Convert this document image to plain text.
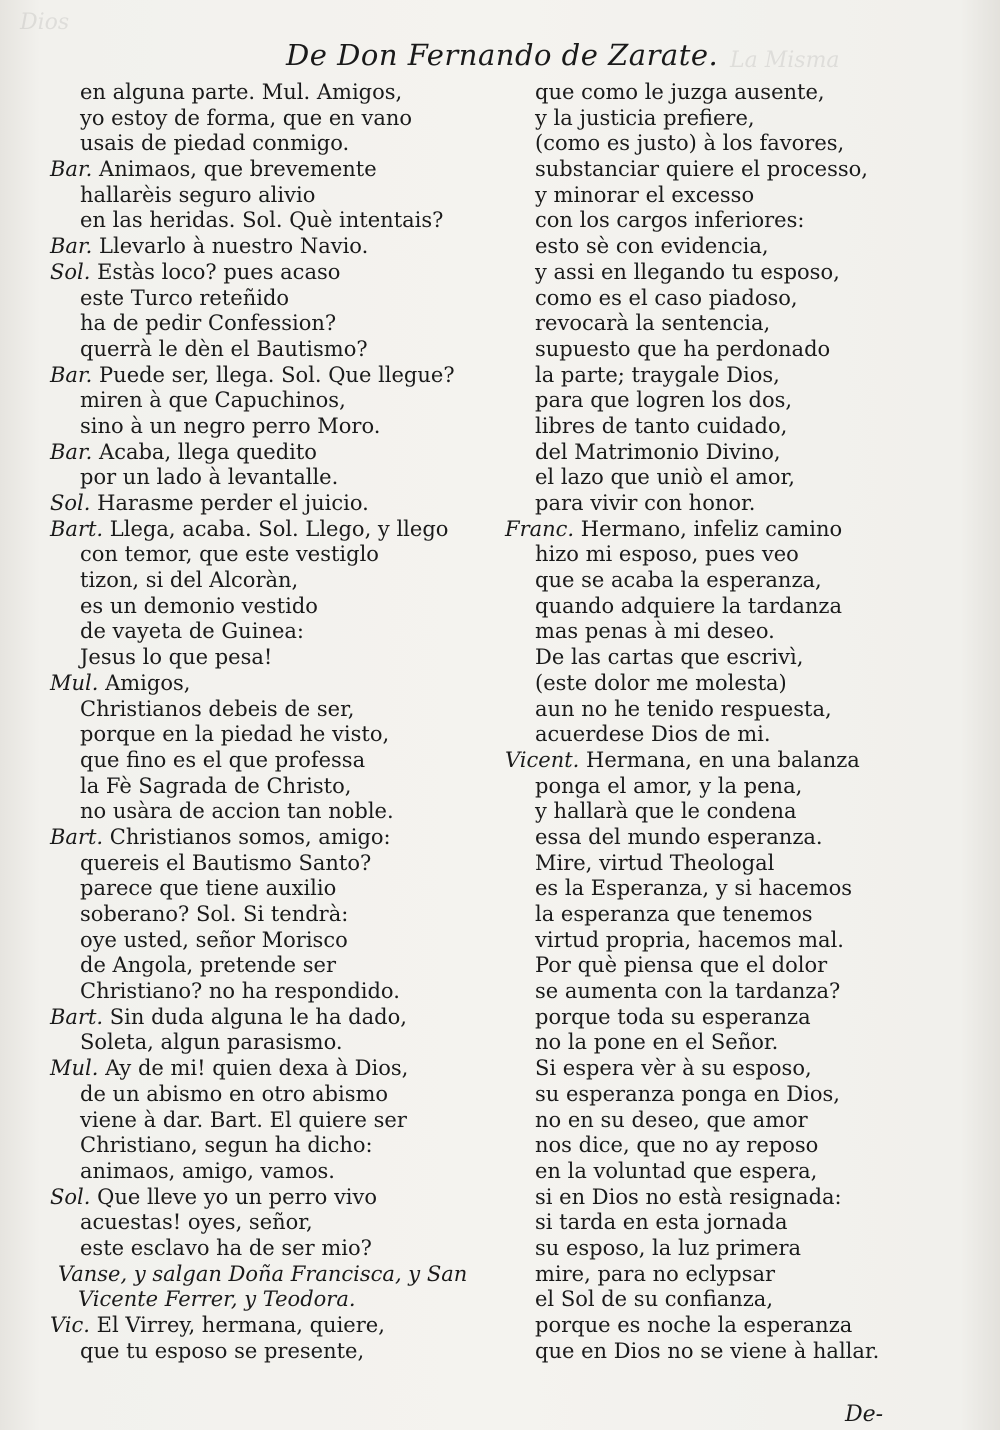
La Misma
Dios
De Don Fernando de Zarate.
en alguna parte. Mul. Amigos,
yo estoy de forma, que en vano
usais de piedad conmigo.
Bar. Animaos, que brevemente
hallarèis seguro alivio
en las heridas. Sol. Què intentais?
Bar. Llevarlo à nuestro Navio.
Sol. Estàs loco? pues acaso
este Turco reteñido
ha de pedir Confession?
querrà le dèn el Bautismo?
Bar. Puede ser, llega. Sol. Que llegue?
miren à que Capuchinos,
sino à un negro perro Moro.
Bar. Acaba, llega quedito
por un lado à levantalle.
Sol. Harasme perder el juicio.
Bart. Llega, acaba. Sol. Llego, y llego
con temor, que este vestiglo
tizon, si del Alcoràn,
es un demonio vestido
de vayeta de Guinea:
Jesus lo que pesa!
Mul. Amigos,
Christianos debeis de ser,
porque en la piedad he visto,
que fino es el que professa
la Fè Sagrada de Christo,
no usàra de accion tan noble.
Bart. Christianos somos, amigo:
quereis el Bautismo Santo?
parece que tiene auxilio
soberano? Sol. Si tendrà:
oye usted, señor Morisco
de Angola, pretende ser
Christiano? no ha respondido.
Bart. Sin duda alguna le ha dado,
Soleta, algun parasismo.
Mul. Ay de mi! quien dexa à Dios,
de un abismo en otro abismo
viene à dar. Bart. El quiere ser
Christiano, segun ha dicho:
animaos, amigo, vamos.
Sol. Que lleve yo un perro vivo
acuestas! oyes, señor,
este esclavo ha de ser mio?
Vanse, y salgan Doña Francisca, y San
Vicente Ferrer, y Teodora.
Vic. El Virrey, hermana, quiere,
que tu esposo se presente,
que como le juzga ausente,
y la justicia prefiere,
(como es justo) à los favores,
substanciar quiere el processo,
y minorar el excesso
con los cargos inferiores:
esto sè con evidencia,
y assi en llegando tu esposo,
como es el caso piadoso,
revocarà la sentencia,
supuesto que ha perdonado
la parte; traygale Dios,
para que logren los dos,
libres de tanto cuidado,
del Matrimonio Divino,
el lazo que uniò el amor,
para vivir con honor.
Franc. Hermano, infeliz camino
hizo mi esposo, pues veo
que se acaba la esperanza,
quando adquiere la tardanza
mas penas à mi deseo.
De las cartas que escrivì,
(este dolor me molesta)
aun no he tenido respuesta,
acuerdese Dios de mi.
Vicent. Hermana, en una balanza
ponga el amor, y la pena,
y hallarà que le condena
essa del mundo esperanza.
Mire, virtud Theologal
es la Esperanza, y si hacemos
la esperanza que tenemos
virtud propria, hacemos mal.
Por què piensa que el dolor
se aumenta con la tardanza?
porque toda su esperanza
no la pone en el Señor.
Si espera vèr à su esposo,
su esperanza ponga en Dios,
no en su deseo, que amor
nos dice, que no ay reposo
en la voluntad que espera,
si en Dios no està resignada:
si tarda en esta jornada
su esposo, la luz primera
mire, para no eclypsar
el Sol de su confianza,
porque es noche la esperanza
que en Dios no se viene à hallar.
De-
